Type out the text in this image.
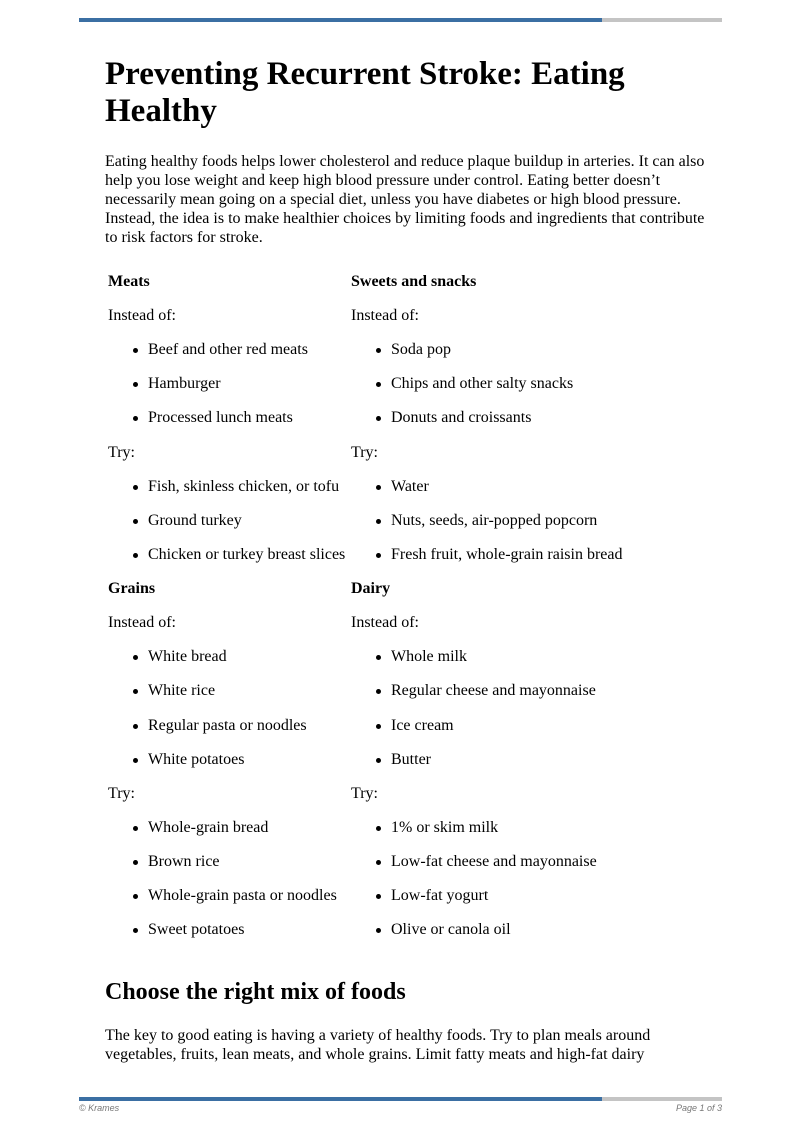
Preventing Recurrent Stroke: Eating Healthy

Eating healthy foods helps lower cholesterol and reduce plaque buildup in arteries. It can also help you lose weight and keep high blood pressure under control. Eating better doesn’t necessarily mean going on a special diet, unless you have diabetes or high blood pressure. Instead, the idea is to make healthier choices by limiting foods and ingredients that contribute to risk factors for stroke.

Meats
Instead of:
Beef and other red meats
Hamburger
Processed lunch meats
Try:
Fish, skinless chicken, or tofu
Ground turkey
Chicken or turkey breast slices
Sweets and snacks
Instead of:
Soda pop
Chips and other salty snacks
Donuts and croissants
Try:
Water
Nuts, seeds, air-popped popcorn
Fresh fruit, whole-grain raisin bread
Grains
Instead of:
White bread
White rice
Regular pasta or noodles
White potatoes
Try:
Whole-grain bread
Brown rice
Whole-grain pasta or noodles
Sweet potatoes
Dairy
Instead of:
Whole milk
Regular cheese and mayonnaise
Ice cream
Butter
Try:
1% or skim milk
Low-fat cheese and mayonnaise
Low-fat yogurt
Olive or canola oil
Choose the right mix of foods

The key to good eating is having a variety of healthy foods. Try to plan meals around vegetables, fruits, lean meats, and whole grains. Limit fatty meats and high-fat dairy

© Krames	Page 1 of 3
